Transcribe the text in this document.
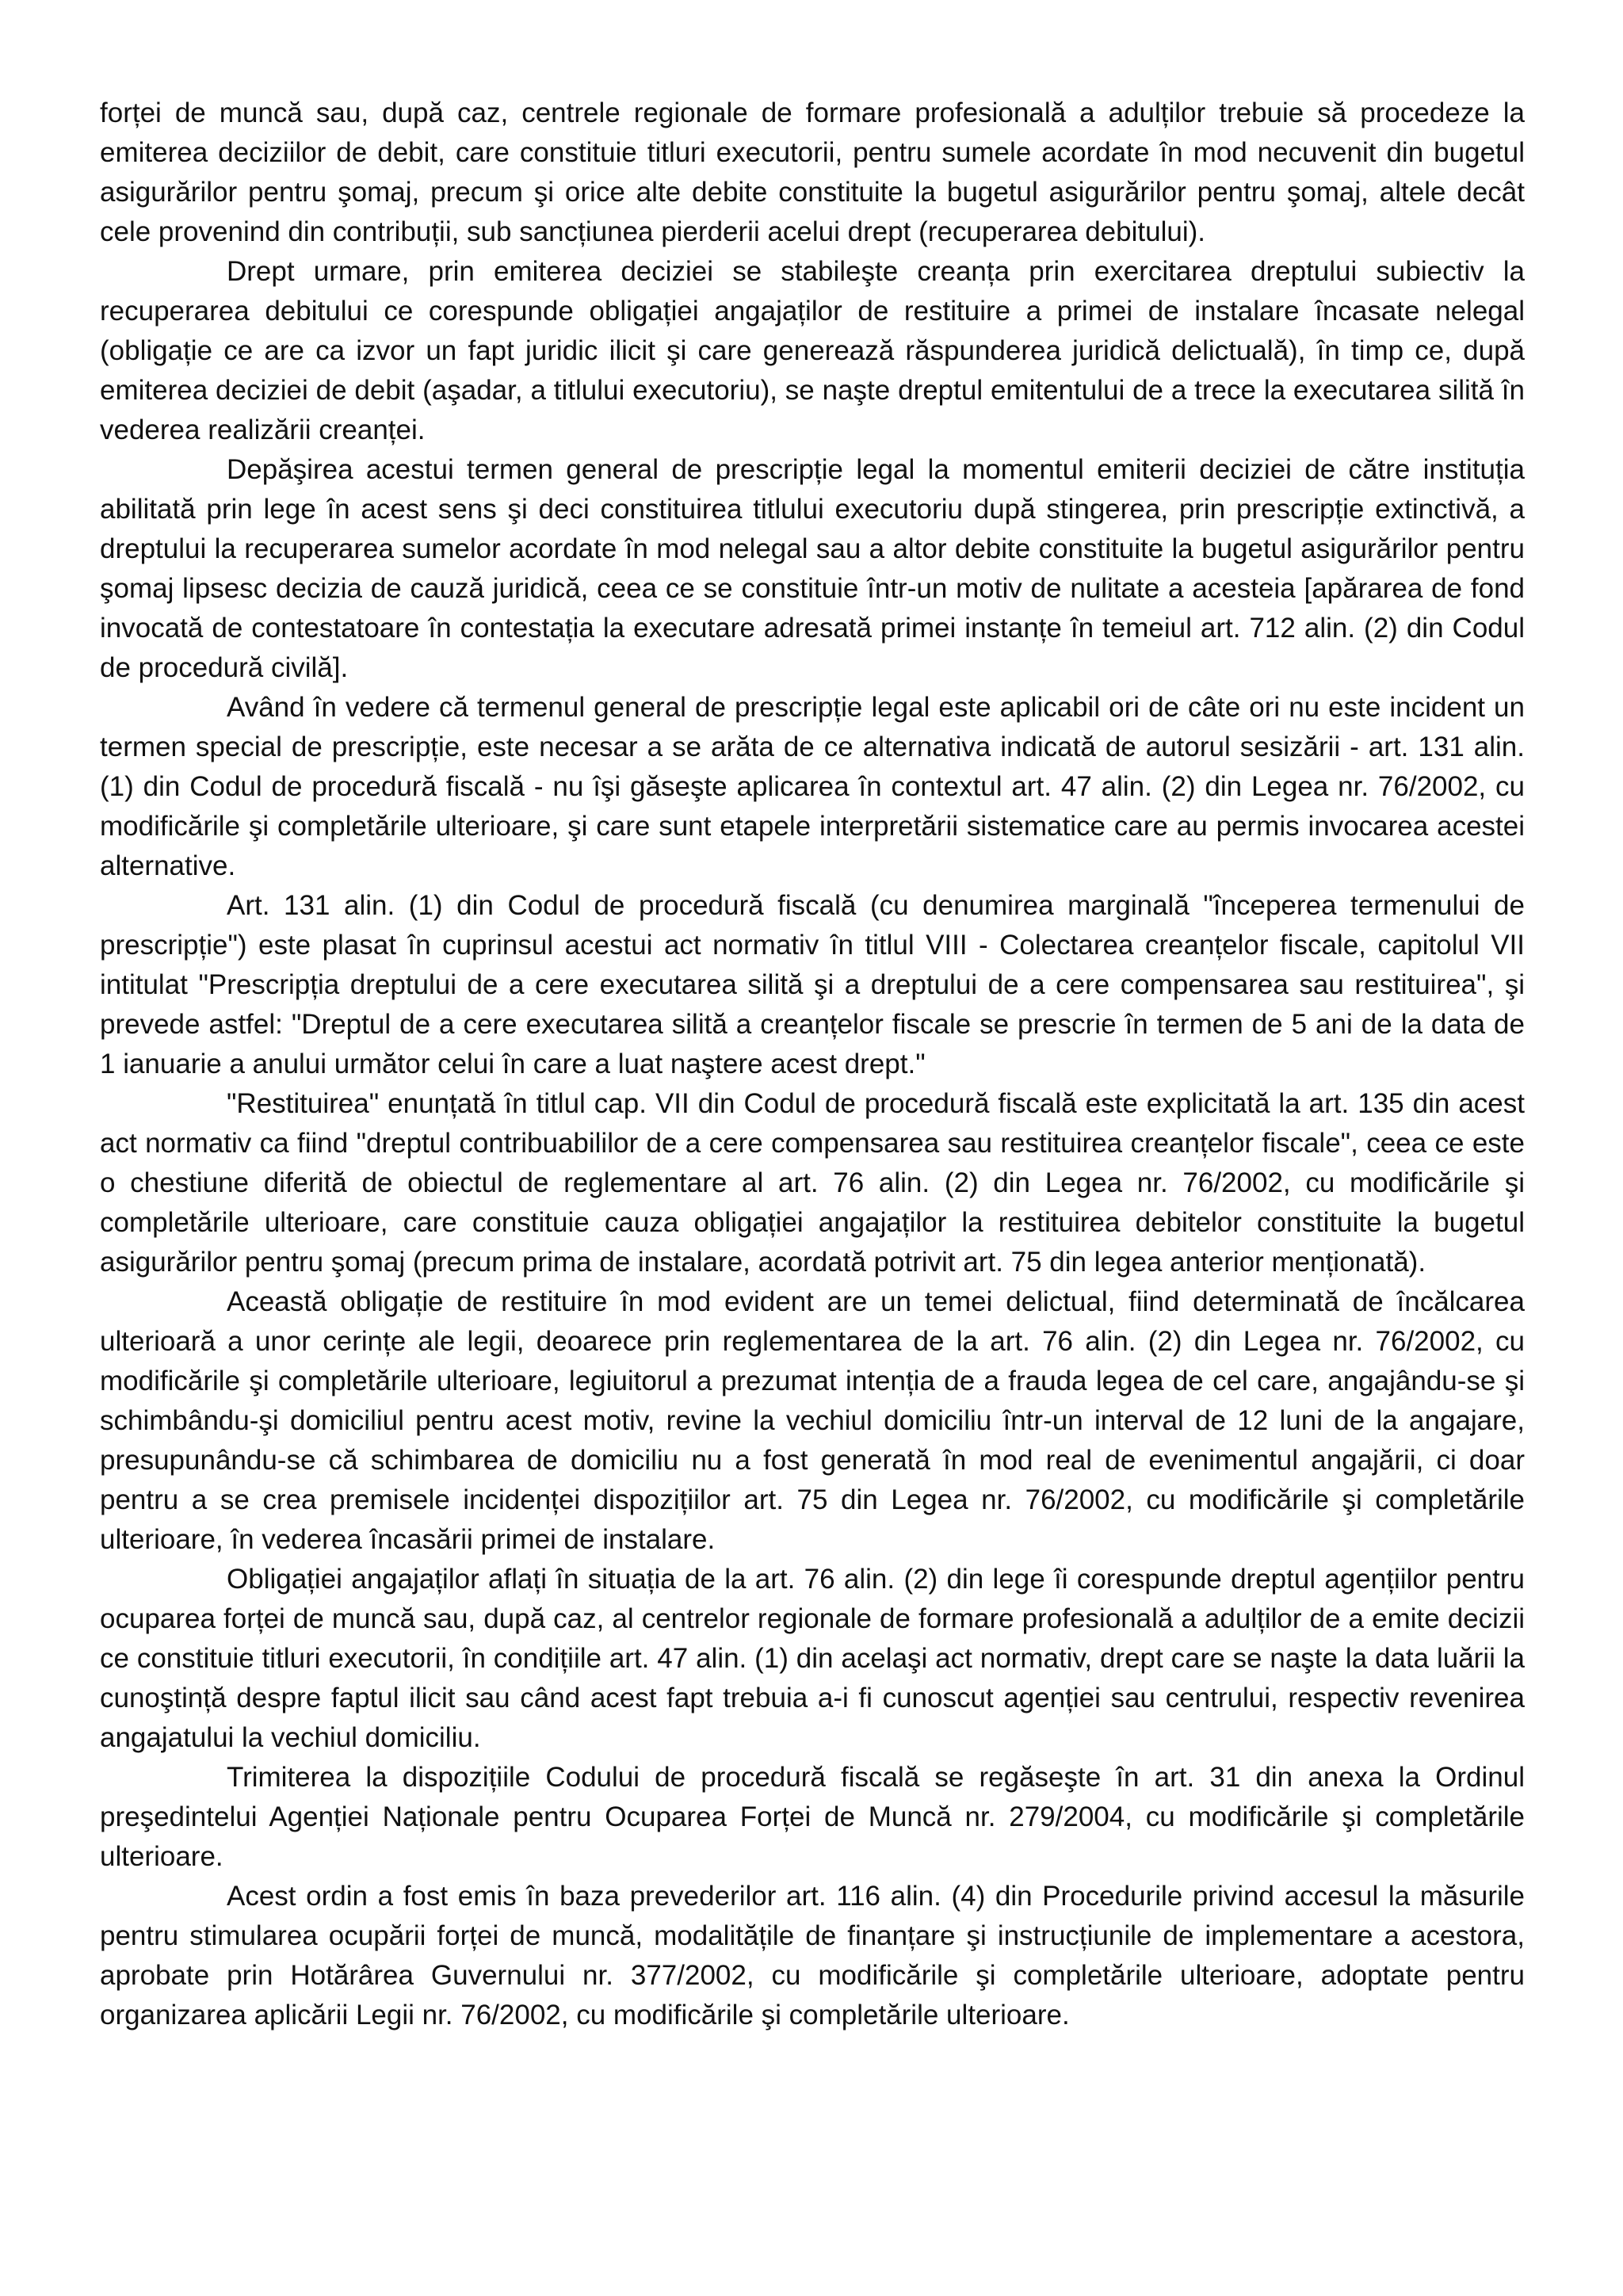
forței de muncă sau, după caz, centrele regionale de formare profesională a adulților trebuie să procedeze la emiterea deciziilor de debit, care constituie titluri executorii, pentru sumele acordate în mod necuvenit din bugetul asigurărilor pentru şomaj, precum şi orice alte debite constituite la bugetul asigurărilor pentru şomaj, altele decât cele provenind din contribuții, sub sancțiunea pierderii acelui drept (recuperarea debitului).

Drept urmare, prin emiterea deciziei se stabileşte creanța prin exercitarea dreptului subiectiv la recuperarea debitului ce corespunde obligației angajaților de restituire a primei de instalare încasate nelegal (obligație ce are ca izvor un fapt juridic ilicit şi care generează răspunderea juridică delictuală), în timp ce, după emiterea deciziei de debit (aşadar, a titlului executoriu), se naşte dreptul emitentului de a trece la executarea silită în vederea realizării creanței.

Depăşirea acestui termen general de prescripție legal la momentul emiterii deciziei de către instituția abilitată prin lege în acest sens şi deci constituirea titlului executoriu după stingerea, prin prescripție extinctivă, a dreptului la recuperarea sumelor acordate în mod nelegal sau a altor debite constituite la bugetul asigurărilor pentru şomaj lipsesc decizia de cauză juridică, ceea ce se constituie într-un motiv de nulitate a acesteia [apărarea de fond invocată de contestatoare în contestația la executare adresată primei instanțe în temeiul art. 712 alin. (2) din Codul de procedură civilă].

Având în vedere că termenul general de prescripție legal este aplicabil ori de câte ori nu este incident un termen special de prescripție, este necesar a se arăta de ce alternativa indicată de autorul sesizării - art. 131 alin. (1) din Codul de procedură fiscală - nu îşi găseşte aplicarea în contextul art. 47 alin. (2) din Legea nr. 76/2002, cu modificările şi completările ulterioare, şi care sunt etapele interpretării sistematice care au permis invocarea acestei alternative.

Art. 131 alin. (1) din Codul de procedură fiscală (cu denumirea marginală "începerea termenului de prescripție") este plasat în cuprinsul acestui act normativ în titlul VIII - Colectarea creanțelor fiscale, capitolul VII intitulat "Prescripția dreptului de a cere executarea silită şi a dreptului de a cere compensarea sau restituirea", şi prevede astfel: "Dreptul de a cere executarea silită a creanțelor fiscale se prescrie în termen de 5 ani de la data de 1 ianuarie a anului următor celui în care a luat naştere acest drept."

"Restituirea" enunțată în titlul cap. VII din Codul de procedură fiscală este explicitată la art. 135 din acest act normativ ca fiind "dreptul contribuabililor de a cere compensarea sau restituirea creanțelor fiscale", ceea ce este o chestiune diferită de obiectul de reglementare al art. 76 alin. (2) din Legea nr. 76/2002, cu modificările şi completările ulterioare, care constituie cauza obligației angajaților la restituirea debitelor constituite la bugetul asigurărilor pentru şomaj (precum prima de instalare, acordată potrivit art. 75 din legea anterior menționată).

Această obligație de restituire în mod evident are un temei delictual, fiind determinată de încălcarea ulterioară a unor cerințe ale legii, deoarece prin reglementarea de la art. 76 alin. (2) din Legea nr. 76/2002, cu modificările şi completările ulterioare, legiuitorul a prezumat intenția de a frauda legea de cel care, angajându-se şi schimbându-şi domiciliul pentru acest motiv, revine la vechiul domiciliu într-un interval de 12 luni de la angajare, presupunându-se că schimbarea de domiciliu nu a fost generată în mod real de evenimentul angajării, ci doar pentru a se crea premisele incidenței dispozițiilor art. 75 din Legea nr. 76/2002, cu modificările şi completările ulterioare, în vederea încasării primei de instalare.

Obligației angajaților aflați în situația de la art. 76 alin. (2) din lege îi corespunde dreptul agențiilor pentru ocuparea forței de muncă sau, după caz, al centrelor regionale de formare profesională a adulților de a emite decizii ce constituie titluri executorii, în condițiile art. 47 alin. (1) din acelaşi act normativ, drept care se naşte la data luării la cunoştință despre faptul ilicit sau când acest fapt trebuia a-i fi cunoscut agenției sau centrului, respectiv revenirea angajatului la vechiul domiciliu.

Trimiterea la dispozițiile Codului de procedură fiscală se regăseşte în art. 31 din anexa la Ordinul preşedintelui Agenției Naționale pentru Ocuparea Forței de Muncă nr. 279/2004, cu modificările şi completările ulterioare.

Acest ordin a fost emis în baza prevederilor art. 116 alin. (4) din Procedurile privind accesul la măsurile pentru stimularea ocupării forței de muncă, modalitățile de finanțare şi instrucțiunile de implementare a acestora, aprobate prin Hotărârea Guvernului nr. 377/2002, cu modificările şi completările ulterioare, adoptate pentru organizarea aplicării Legii nr. 76/2002, cu modificările şi completările ulterioare.
